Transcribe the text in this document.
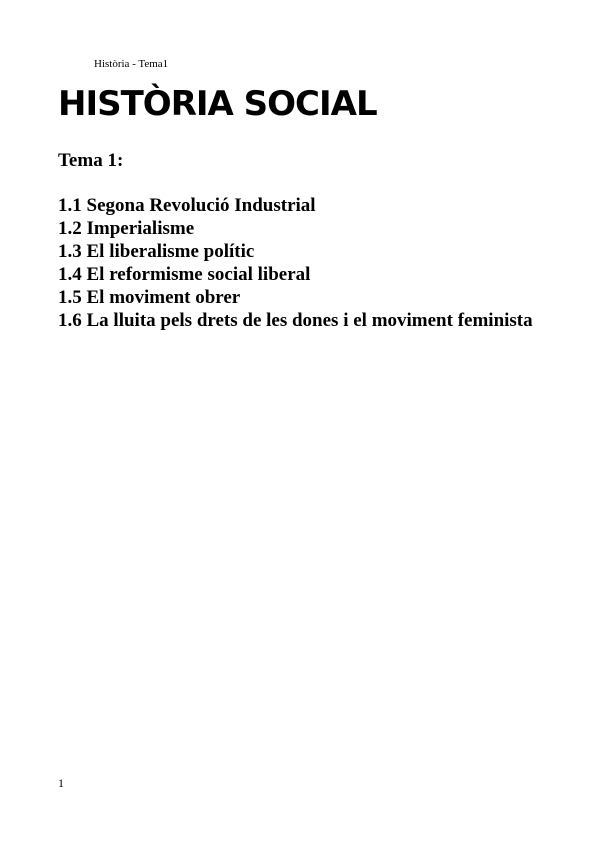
Història - Tema1
HISTÒRIA SOCIAL
Tema 1:
1.1 Segona Revolució Industrial
1.2 Imperialisme
1.3 El liberalisme polític
1.4 El reformisme social liberal
1.5 El moviment obrer
1.6 La lluita pels drets de les dones i el moviment feminista
1
